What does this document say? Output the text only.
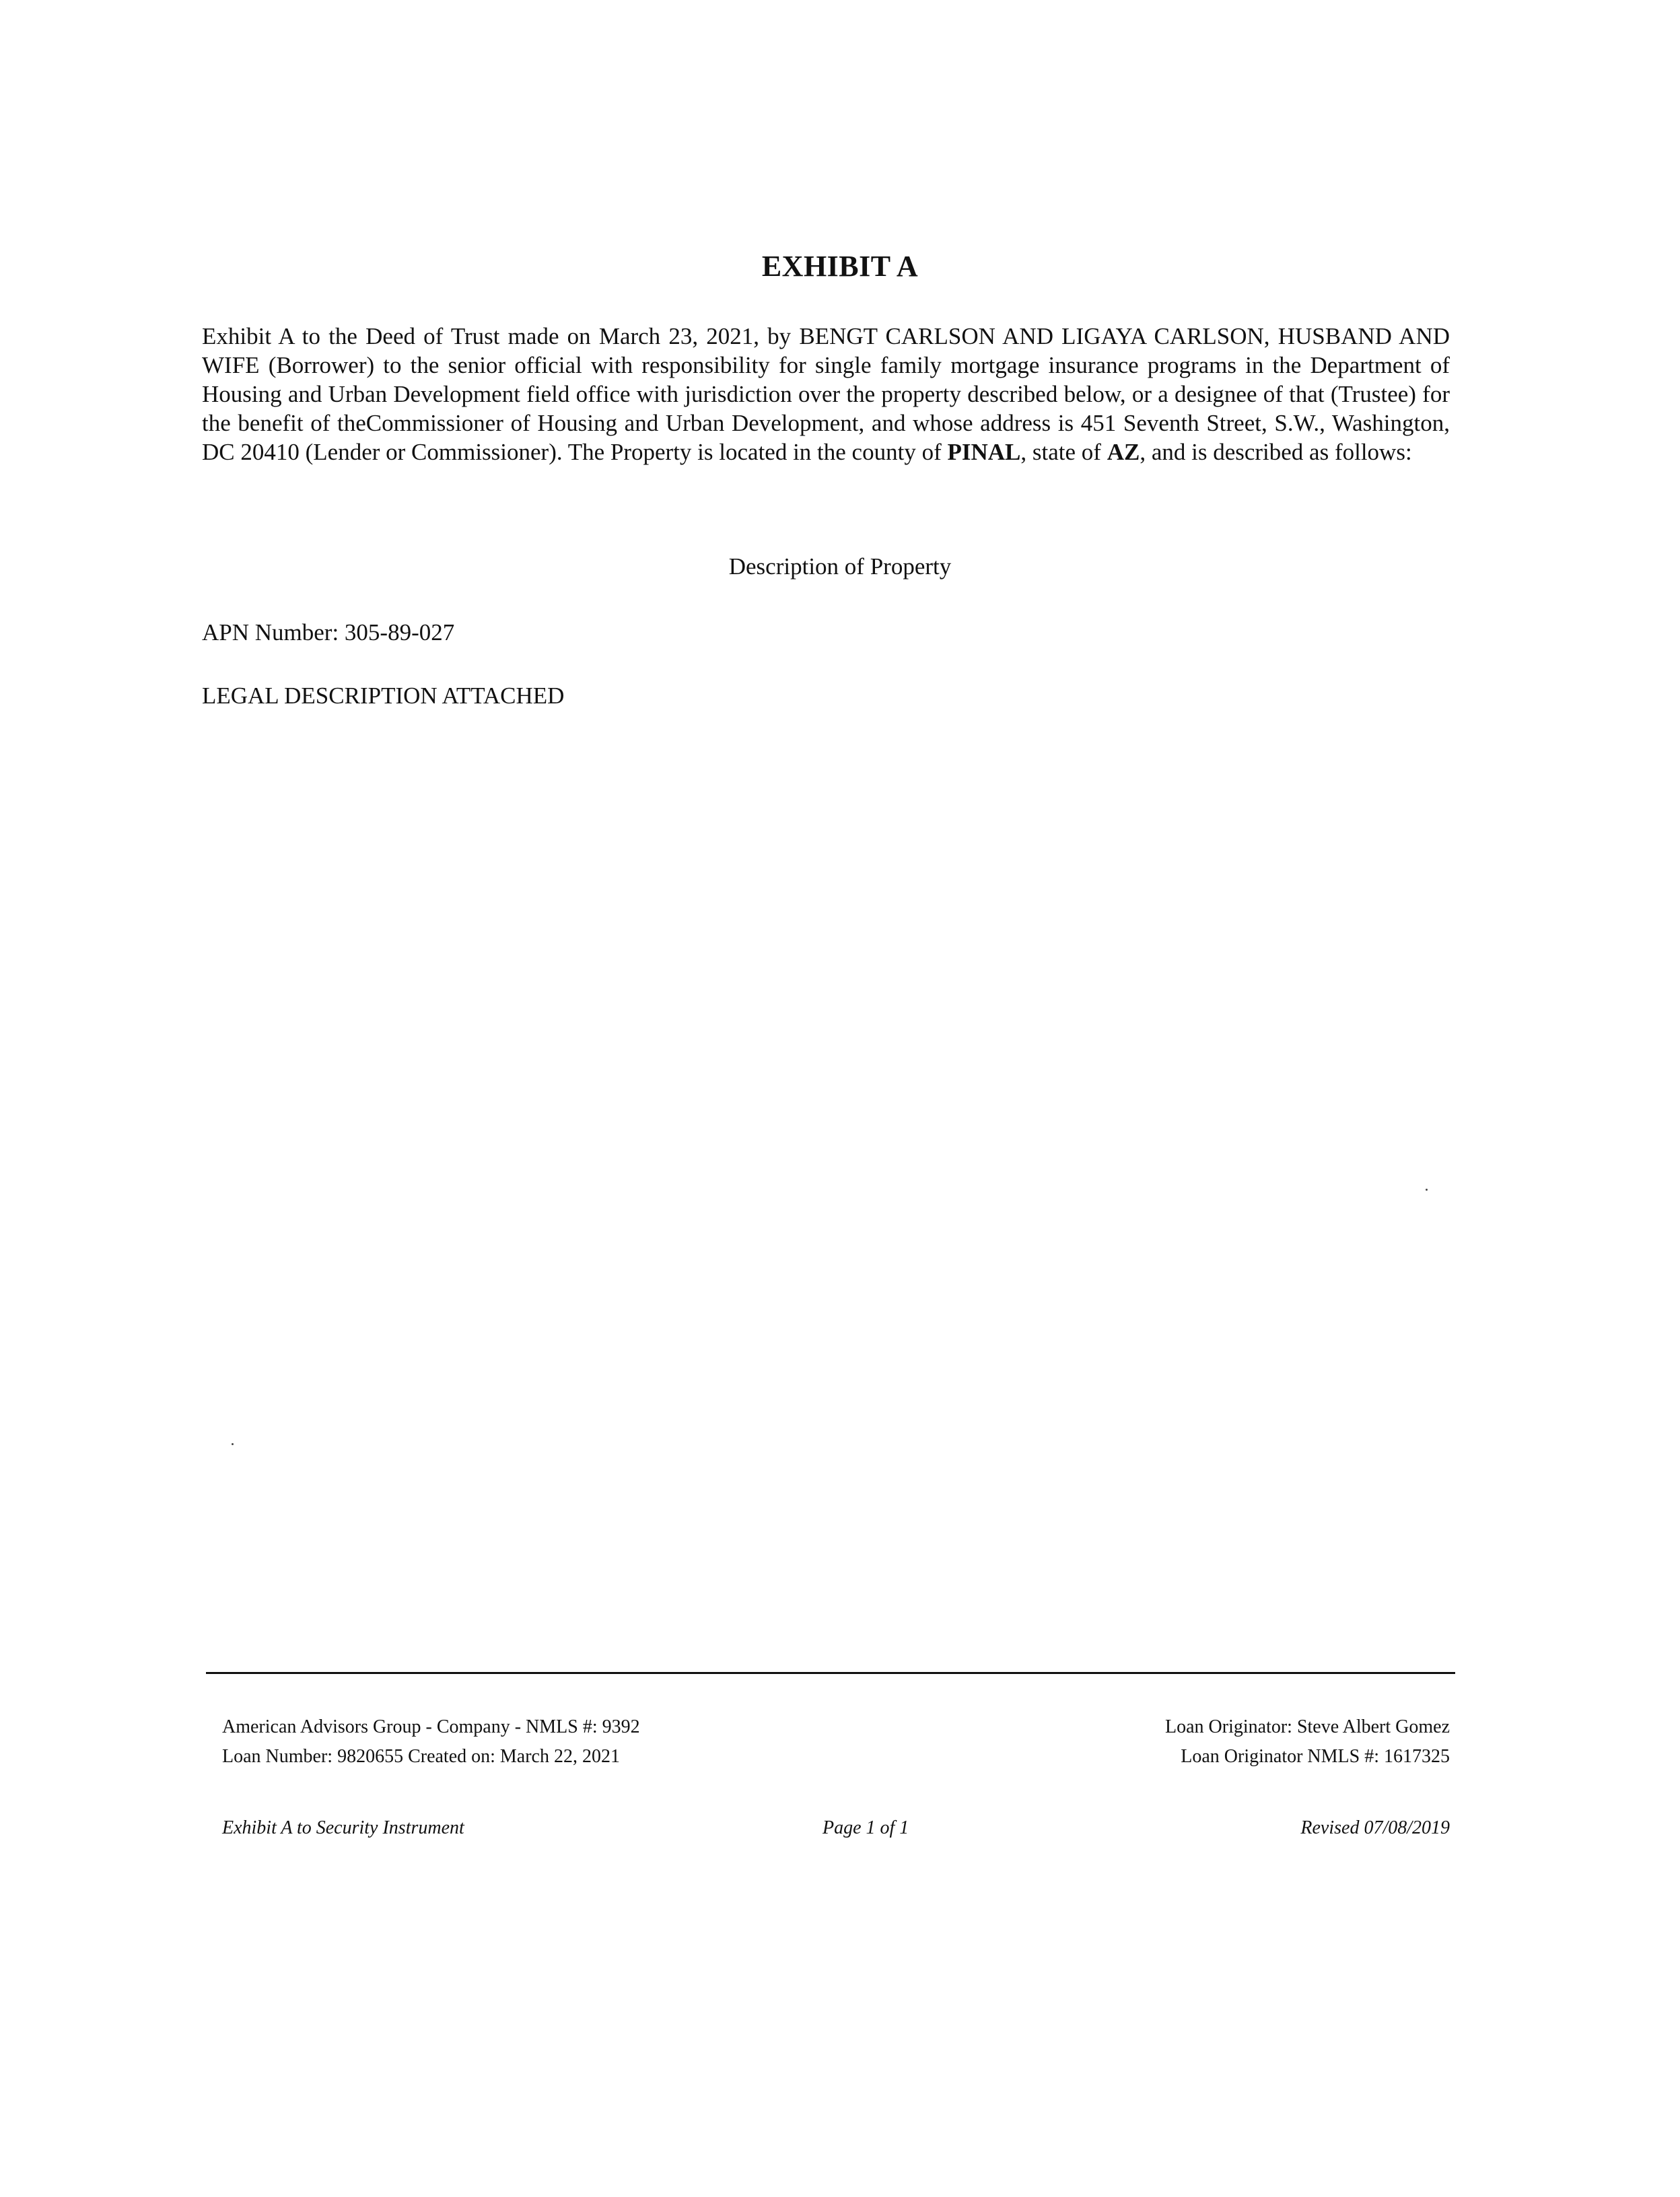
EXHIBIT A

Exhibit A to the Deed of Trust made on March 23, 2021, by BENGT CARLSON AND LIGAYA CARLSON, HUSBAND AND WIFE (Borrower) to the senior official with responsibility for single family mortgage insurance programs in the Department of Housing and Urban Development field office with jurisdiction over the property described below, or a designee of that (Trustee) for the benefit of theCommissioner of Housing and Urban Development, and whose address is 451 Seventh Street, S.W., Washington, DC 20410 (Lender or Commissioner). The Property is located in the county of PINAL, state of AZ, and is described as follows:

Description of Property
APN Number: 305-89-027
LEGAL DESCRIPTION ATTACHED
American Advisors Group - Company - NMLS #: 9392
Loan Number: 9820655 Created on: March 22, 2021
Loan Originator: Steve Albert Gomez
Loan Originator NMLS #: 1617325
Exhibit A to Security Instrument	Page 1 of 1	Revised 07/08/2019
